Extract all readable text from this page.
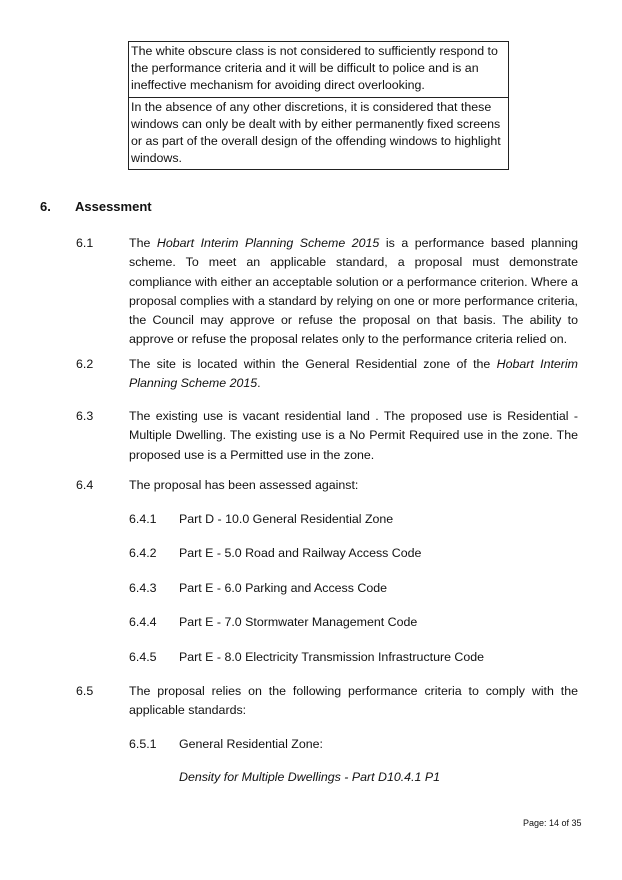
The white obscure class is not considered to sufficiently respond to the performance criteria and it will be difficult to police and is an ineffective mechanism for avoiding direct overlooking.
In the absence of any other discretions, it is considered that these windows can only be dealt with by either permanently fixed screens or as part of the overall design of the offending windows to highlight windows.
6. Assessment
6.1	The Hobart Interim Planning Scheme 2015 is a performance based planning scheme. To meet an applicable standard, a proposal must demonstrate compliance with either an acceptable solution or a performance criterion. Where a proposal complies with a standard by relying on one or more performance criteria, the Council may approve or refuse the proposal on that basis. The ability to approve or refuse the proposal relates only to the performance criteria relied on.
6.2	The site is located within the General Residential zone of the Hobart Interim Planning Scheme 2015.
6.3	The existing use is vacant residential land . The proposed use is Residential - Multiple Dwelling. The existing use is a No Permit Required use in the zone. The proposed use is a Permitted use in the zone.
6.4	The proposal has been assessed against:
6.4.1 Part D - 10.0 General Residential Zone
6.4.2 Part E - 5.0 Road and Railway Access Code
6.4.3 Part E - 6.0 Parking and Access Code
6.4.4 Part E - 7.0 Stormwater Management Code
6.4.5 Part E - 8.0 Electricity Transmission Infrastructure Code
6.5	The proposal relies on the following performance criteria to comply with the applicable standards:
6.5.1 General Residential Zone:
Density for Multiple Dwellings - Part D10.4.1 P1
Page: 14 of 35
